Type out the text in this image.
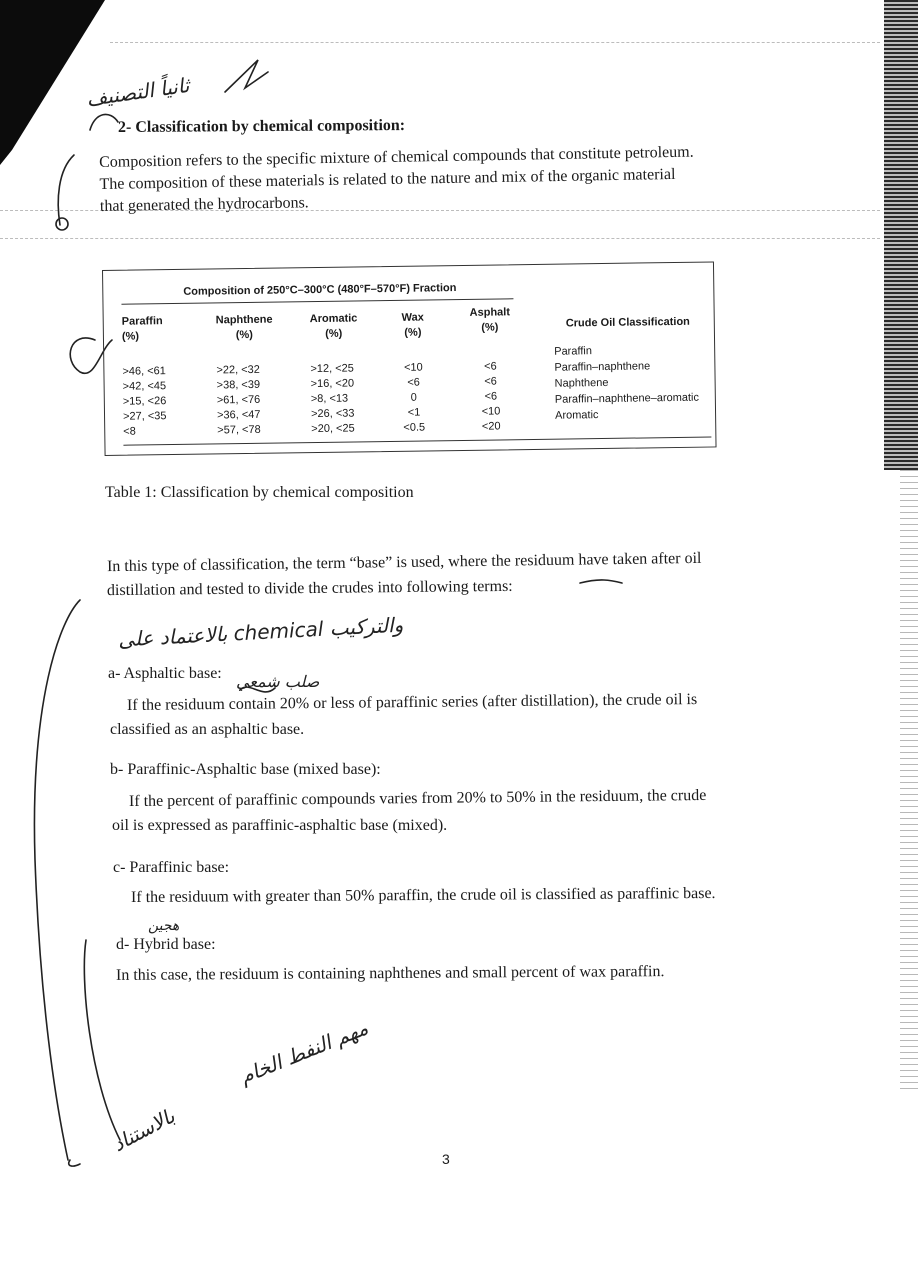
ثانياً التصنيف
بالاعتماد على chemical والتركيب
صلب شمعي
هجين
مهم النفط الخام
بالاستناد
2- Classification by chemical composition:
Composition refers to the specific mixture of chemical compounds that constitute petroleum.
The composition of these materials is related to the nature and mix of the organic material
that generated the hydrocarbons.
Composition of 250°C–300°C (480°F–570°F) Fraction
Paraffin
(%)
>46, <61
>42, <45
>15, <26
>27, <35
<8
Naphthene
(%)
>22, <32
>38, <39
>61, <76
>36, <47
>57, <78
Aromatic
(%)
>12, <25
>16, <20
>8, <13
>26, <33
>20, <25
Wax
(%)
<10
<6
0
<1
<0.5
Asphalt
(%)
<6
<6
<6
<10
<20
Crude Oil Classification
Paraffin
Paraffin–naphthene
Naphthene
Paraffin–naphthene–aromatic
Aromatic
Table 1: Classification by chemical composition
In this type of classification, the term “base” is used, where the residuum have taken after oil
distillation and tested to divide the crudes into following terms:
a- Asphaltic base:
If the residuum contain 20% or less of paraffinic series (after distillation), the crude oil is
classified as an asphaltic base.
b- Paraffinic-Asphaltic base (mixed base):
If the percent of paraffinic compounds varies from 20% to 50% in the residuum, the crude
oil is expressed as paraffinic-asphaltic base (mixed).
c- Paraffinic base:
If the residuum with greater than 50% paraffin, the crude oil is classified as paraffinic base.
d- Hybrid base:
In this case, the residuum is containing naphthenes and small percent of wax paraffin.
3
